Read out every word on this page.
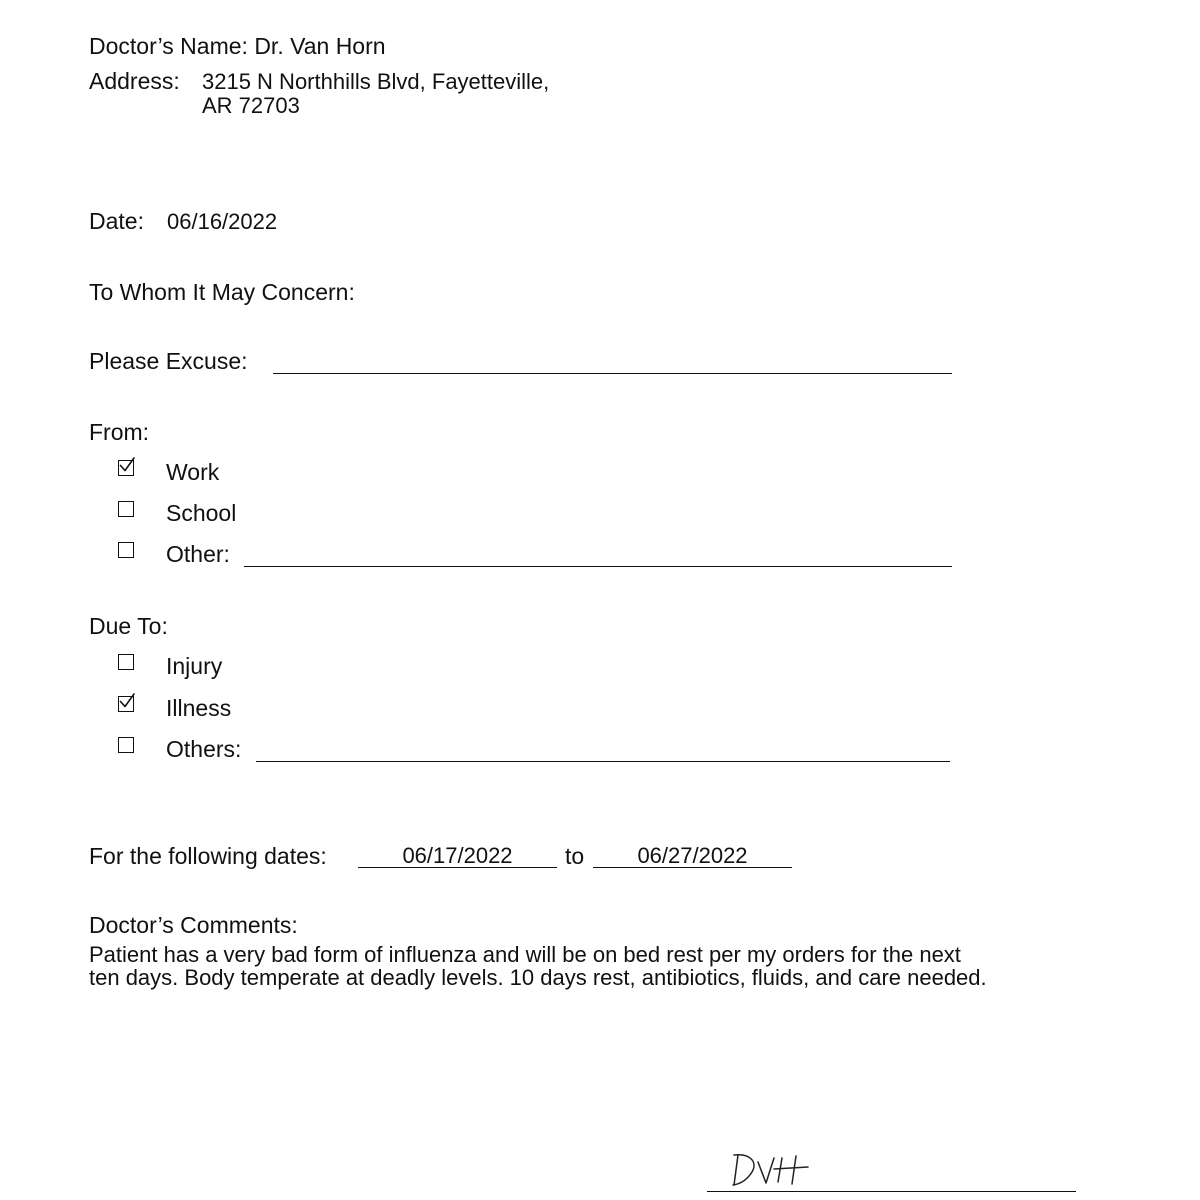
Doctor’s Name: Dr. Van Horn
Address: 3215 N Northhills Blvd, Fayetteville,
AR 72703
Date: 06/16/2022
To Whom It May Concern:
Please Excuse:
From:
Work
School
Other:
Due To:
Injury
Illness
Others:
For the following dates:	06/17/2022	to	06/27/2022
Doctor’s Comments:
Patient has a very bad form of influenza and will be on bed rest per my orders for the next
ten days. Body temperate at deadly levels. 10 days rest, antibiotics, fluids, and care needed.
